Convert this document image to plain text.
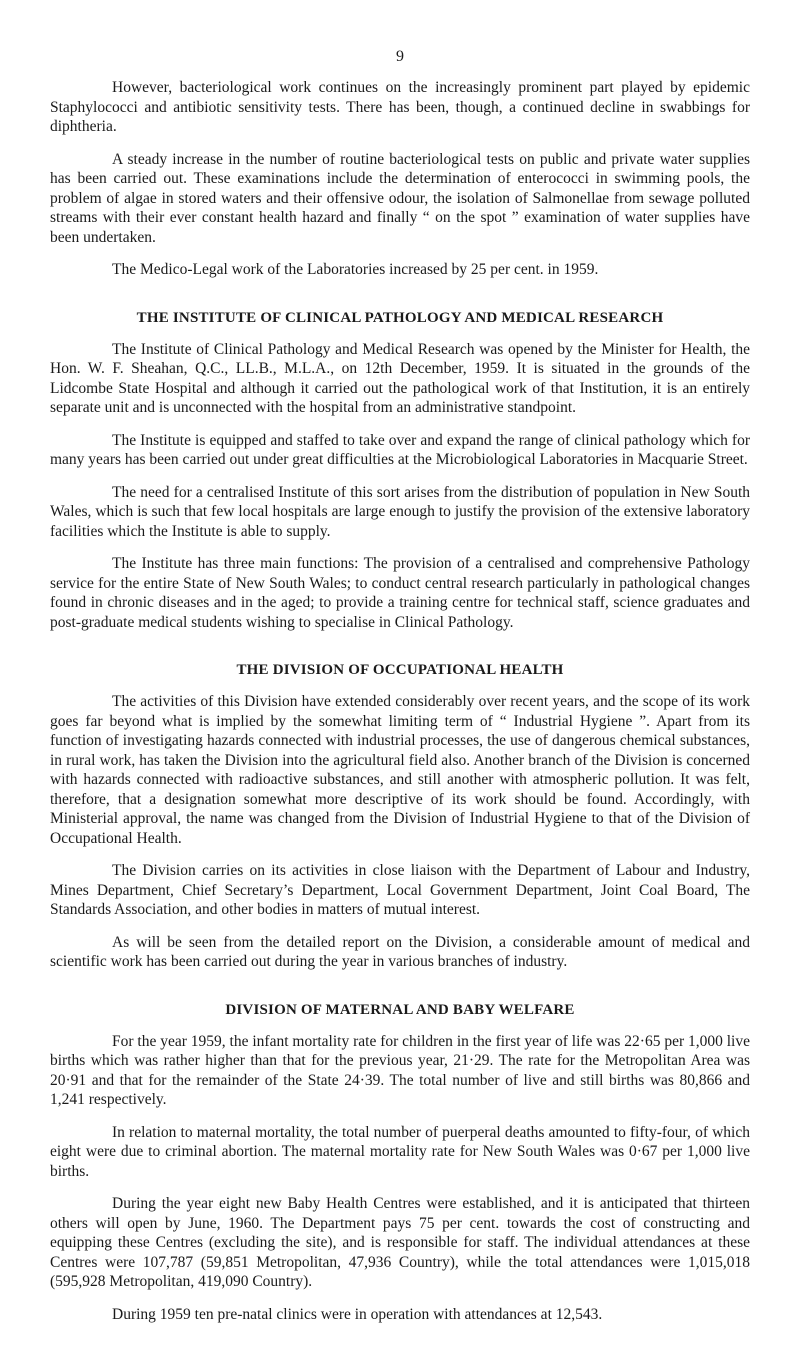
9

However, bacteriological work continues on the increasingly prominent part played by epidemic Staphylococci and antibiotic sensitivity tests. There has been, though, a continued decline in swabbings for diphtheria.

A steady increase in the number of routine bacteriological tests on public and private water supplies has been carried out. These examinations include the determination of enterococci in swimming pools, the problem of algae in stored waters and their offensive odour, the isolation of Salmonellae from sewage polluted streams with their ever constant health hazard and finally “ on the spot ” examination of water supplies have been undertaken.

The Medico-Legal work of the Laboratories increased by 25 per cent. in 1959.

THE INSTITUTE OF CLINICAL PATHOLOGY AND MEDICAL RESEARCH

The Institute of Clinical Pathology and Medical Research was opened by the Minister for Health, the Hon. W. F. Sheahan, Q.C., LL.B., M.L.A., on 12th December, 1959. It is situated in the grounds of the Lidcombe State Hospital and although it carried out the pathological work of that Institution, it is an entirely separate unit and is unconnected with the hospital from an administrative standpoint.

The Institute is equipped and staffed to take over and expand the range of clinical pathology which for many years has been carried out under great difficulties at the Microbiological Laboratories in Macquarie Street.

The need for a centralised Institute of this sort arises from the distribution of population in New South Wales, which is such that few local hospitals are large enough to justify the provision of the extensive laboratory facilities which the Institute is able to supply.

The Institute has three main functions: The provision of a centralised and comprehensive Pathology service for the entire State of New South Wales; to conduct central research particularly in pathological changes found in chronic diseases and in the aged; to provide a training centre for technical staff, science graduates and post-graduate medical students wishing to specialise in Clinical Pathology.

THE DIVISION OF OCCUPATIONAL HEALTH

The activities of this Division have extended considerably over recent years, and the scope of its work goes far beyond what is implied by the somewhat limiting term of “ Industrial Hygiene ”. Apart from its function of investigating hazards connected with industrial processes, the use of dangerous chemical substances, in rural work, has taken the Division into the agricultural field also. Another branch of the Division is concerned with hazards connected with radioactive substances, and still another with atmospheric pollution. It was felt, therefore, that a designation somewhat more descriptive of its work should be found. Accordingly, with Ministerial approval, the name was changed from the Division of Industrial Hygiene to that of the Division of Occupational Health.

The Division carries on its activities in close liaison with the Department of Labour and Industry, Mines Department, Chief Secretary’s Department, Local Government Department, Joint Coal Board, The Standards Association, and other bodies in matters of mutual interest.

As will be seen from the detailed report on the Division, a considerable amount of medical and scientific work has been carried out during the year in various branches of industry.

DIVISION OF MATERNAL AND BABY WELFARE

For the year 1959, the infant mortality rate for children in the first year of life was 22·65 per 1,000 live births which was rather higher than that for the previous year, 21·29. The rate for the Metropolitan Area was 20·91 and that for the remainder of the State 24·39. The total number of live and still births was 80,866 and 1,241 respectively.

In relation to maternal mortality, the total number of puerperal deaths amounted to fifty-four, of which eight were due to criminal abortion. The maternal mortality rate for New South Wales was 0·67 per 1,000 live births.

During the year eight new Baby Health Centres were established, and it is anticipated that thirteen others will open by June, 1960. The Department pays 75 per cent. towards the cost of constructing and equipping these Centres (excluding the site), and is responsible for staff. The individual attendances at these Centres were 107,787 (59,851 Metropolitan, 47,936 Country), while the total attendances were 1,015,018 (595,928 Metropolitan, 419,090 Country).

During 1959 ten pre-natal clinics were in operation with attendances at 12,543.
